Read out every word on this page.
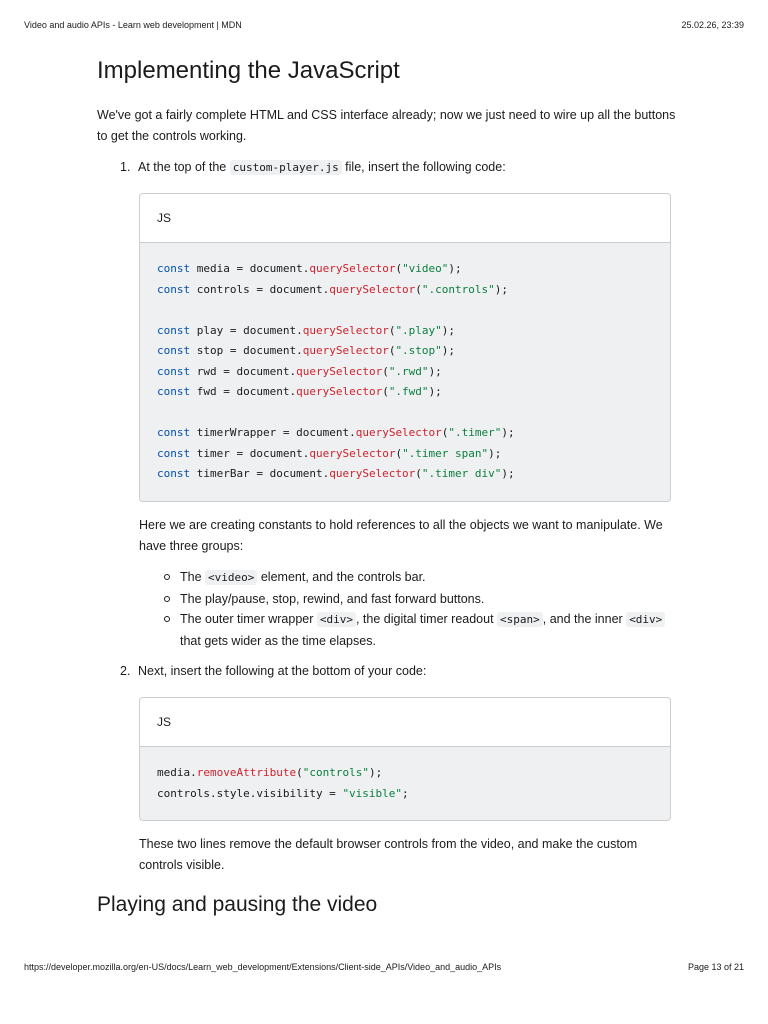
Video and audio APIs - Learn web development | MDN	25.02.26, 23:39
Implementing the JavaScript

We've got a fairly complete HTML and CSS interface already; now we just need to wire up all the buttons to get the controls working.

1. At the top of the custom-player.js file, insert the following code:
JS
const media = document.querySelector("video");
const controls = document.querySelector(".controls");

const play = document.querySelector(".play");
const stop = document.querySelector(".stop");
const rwd = document.querySelector(".rwd");
const fwd = document.querySelector(".fwd");

const timerWrapper = document.querySelector(".timer");
const timer = document.querySelector(".timer span");
const timerBar = document.querySelector(".timer div");

Here we are creating constants to hold references to all the objects we want to manipulate. We have three groups:

The <video> element, and the controls bar.
The play/pause, stop, rewind, and fast forward buttons.
The outer timer wrapper <div> , the digital timer readout <span> , and the inner <div> that gets wider as the time elapses.
2. Next, insert the following at the bottom of your code:
JS
media.removeAttribute("controls");
controls.style.visibility = "visible";

These two lines remove the default browser controls from the video, and make the custom controls visible.

Playing and pausing the video
https://developer.mozilla.org/en-US/docs/Learn_web_development/Extensions/Client-side_APIs/Video_and_audio_APIs	Page 13 of 21
